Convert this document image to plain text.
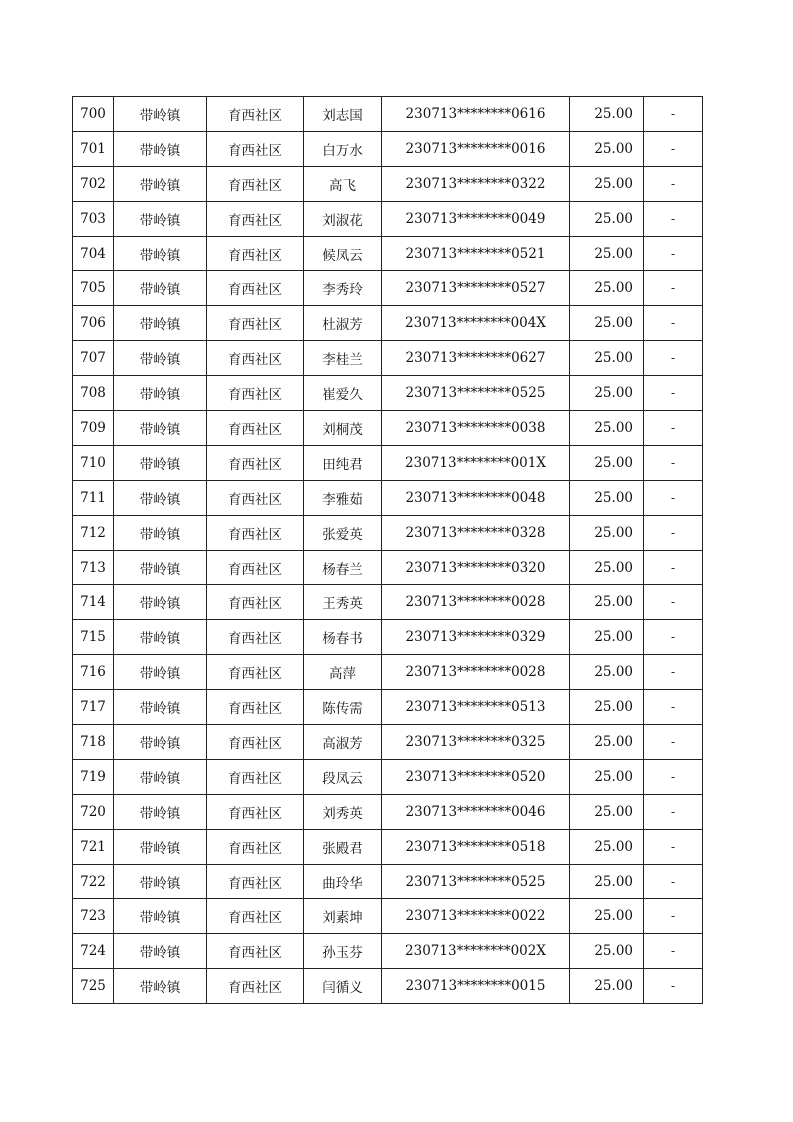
700	带岭镇	育西社区	刘志国	230713********0616	25.00	-
701	带岭镇	育西社区	白万水	230713********0016	25.00	-
702	带岭镇	育西社区	高飞	230713********0322	25.00	-
703	带岭镇	育西社区	刘淑花	230713********0049	25.00	-
704	带岭镇	育西社区	候凤云	230713********0521	25.00	-
705	带岭镇	育西社区	李秀玲	230713********0527	25.00	-
706	带岭镇	育西社区	杜淑芳	230713********004X	25.00	-
707	带岭镇	育西社区	李桂兰	230713********0627	25.00	-
708	带岭镇	育西社区	崔爱久	230713********0525	25.00	-
709	带岭镇	育西社区	刘桐茂	230713********0038	25.00	-
710	带岭镇	育西社区	田纯君	230713********001X	25.00	-
711	带岭镇	育西社区	李雅茹	230713********0048	25.00	-
712	带岭镇	育西社区	张爱英	230713********0328	25.00	-
713	带岭镇	育西社区	杨春兰	230713********0320	25.00	-
714	带岭镇	育西社区	王秀英	230713********0028	25.00	-
715	带岭镇	育西社区	杨春书	230713********0329	25.00	-
716	带岭镇	育西社区	高萍	230713********0028	25.00	-
717	带岭镇	育西社区	陈传需	230713********0513	25.00	-
718	带岭镇	育西社区	高淑芳	230713********0325	25.00	-
719	带岭镇	育西社区	段凤云	230713********0520	25.00	-
720	带岭镇	育西社区	刘秀英	230713********0046	25.00	-
721	带岭镇	育西社区	张殿君	230713********0518	25.00	-
722	带岭镇	育西社区	曲玲华	230713********0525	25.00	-
723	带岭镇	育西社区	刘素坤	230713********0022	25.00	-
724	带岭镇	育西社区	孙玉芬	230713********002X	25.00	-
725	带岭镇	育西社区	闫循义	230713********0015	25.00	-
